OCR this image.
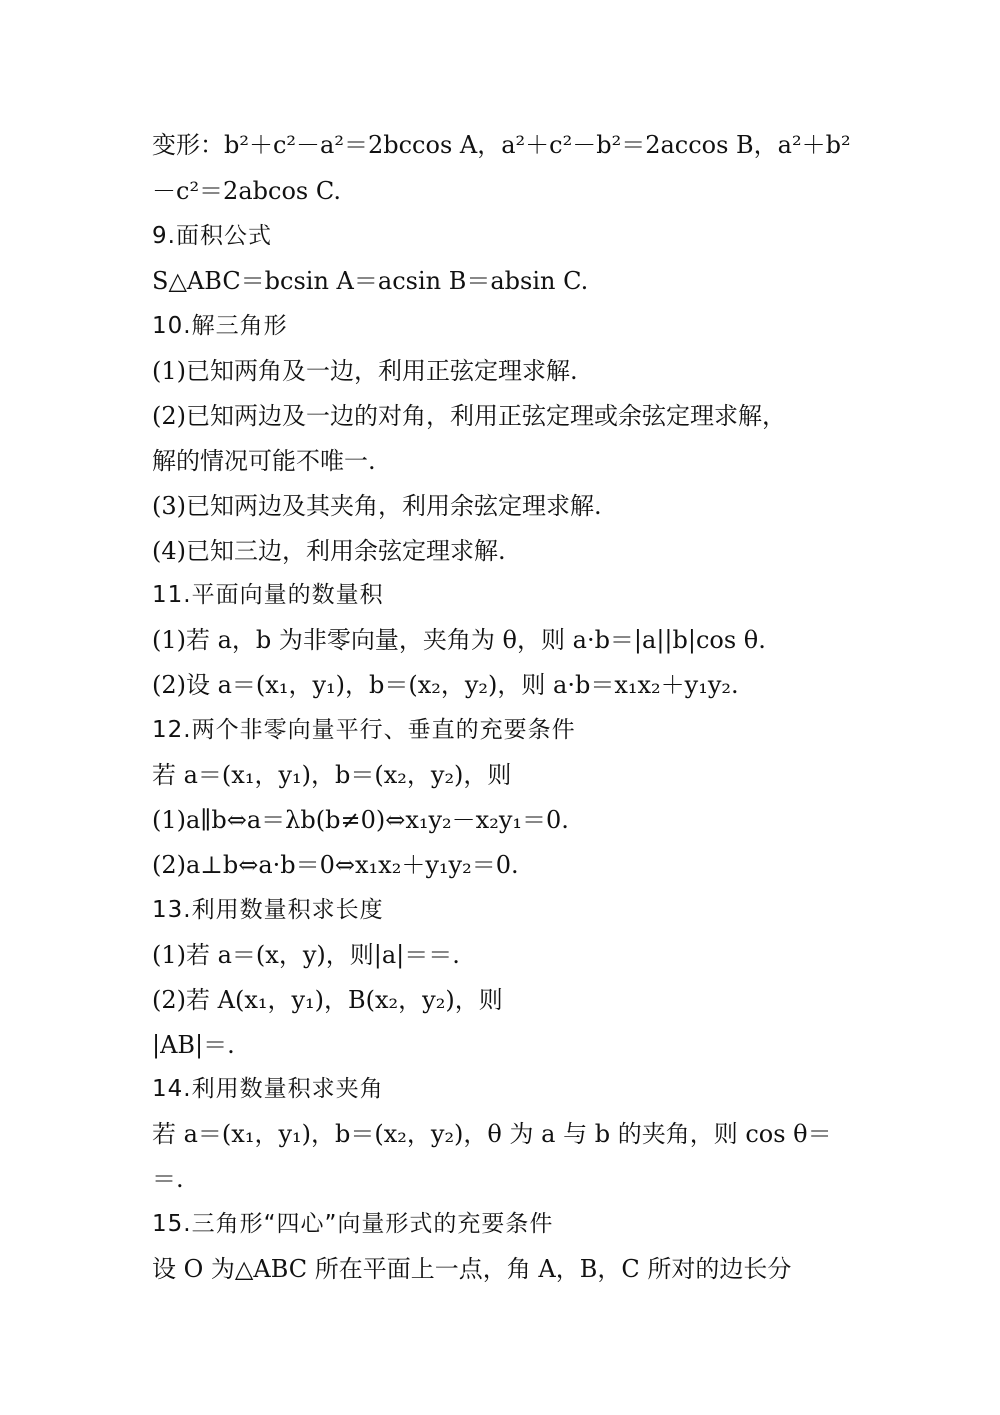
变形：b²＋c²－a²＝2bccos A，a²＋c²－b²＝2accos B，a²＋b²
－c²＝2abcos C.
9.面积公式
S△ABC＝bcsin A＝acsin B＝absin C.
10.解三角形
(1)已知两角及一边，利用正弦定理求解.
(2)已知两边及一边的对角，利用正弦定理或余弦定理求解，
解的情况可能不唯一.
(3)已知两边及其夹角，利用余弦定理求解.
(4)已知三边，利用余弦定理求解.
11.平面向量的数量积
(1)若 a，b 为非零向量，夹角为 θ，则 a·b＝|a||b|cos θ.
(2)设 a＝(x₁，y₁)，b＝(x₂，y₂)，则 a·b＝x₁x₂＋y₁y₂.
12.两个非零向量平行、垂直的充要条件
若 a＝(x₁，y₁)，b＝(x₂，y₂)，则
(1)a∥b⇔a＝λb(b≠0)⇔x₁y₂－x₂y₁＝0.
(2)a⊥b⇔a·b＝0⇔x₁x₂＋y₁y₂＝0.
13.利用数量积求长度
(1)若 a＝(x，y)，则|a|＝＝.
(2)若 A(x₁，y₁)，B(x₂，y₂)，则
|AB|＝.
14.利用数量积求夹角
若 a＝(x₁，y₁)，b＝(x₂，y₂)，θ 为 a 与 b 的夹角，则 cos θ＝
＝.
15.三角形“四心”向量形式的充要条件
设 O 为△ABC 所在平面上一点，角 A，B，C 所对的边长分
